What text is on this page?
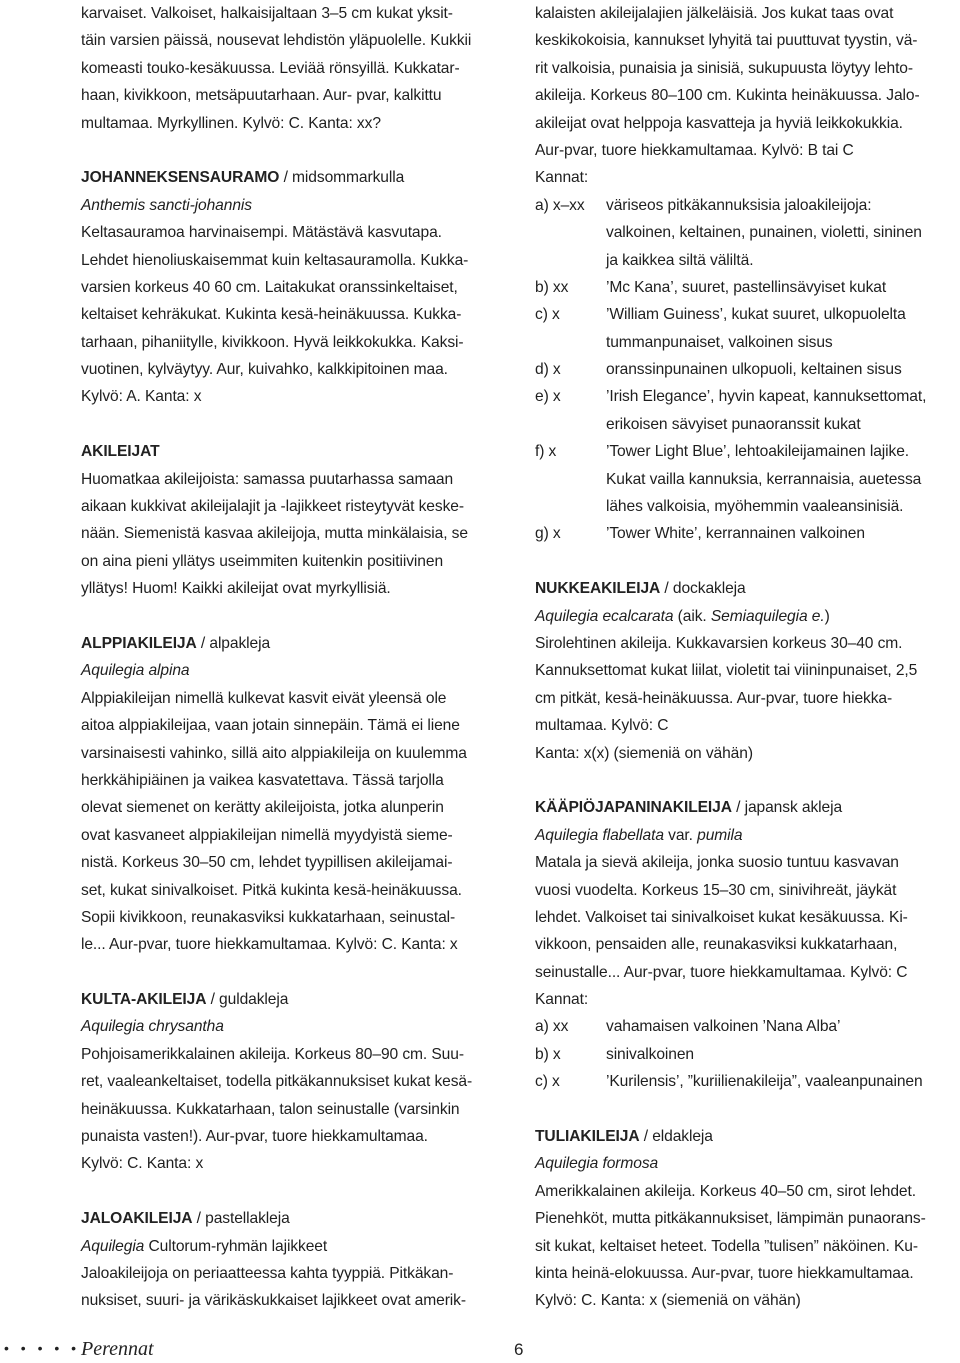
karvaiset. Valkoiset, halkaisijaltaan 3–5 cm kukat yksit-
täin varsien päissä, nousevat lehdistön yläpuolelle. Kukkii
komeasti touko-kesäkuussa. Leviää rönsyillä. Kukkatar-
haan, kivikkoon, metsäpuutarhaan. Aur- pvar, kalkittu
multamaa. Myrkyllinen. Kylvö: C. Kanta: xx?
JOHANNEKSENSAURAMO / midsommarkulla
Anthemis sancti-johannis
Keltasauramoa harvinaisempi. Mätästävä kasvutapa.
Lehdet hienoliuskaisemmat kuin keltasauramolla. Kukka-
varsien korkeus 40 60 cm. Laitakukat oranssinkeltaiset,
keltaiset kehräkukat. Kukinta kesä-heinäkuussa. Kukka-
tarhaan, pihaniitylle, kivikkoon. Hyvä leikkokukka. Kaksi-
vuotinen, kylväytyy. Aur, kuivahko, kalkkipitoinen maa.
Kylvö: A. Kanta: x
AKILEIJAT
Huomatkaa akileijoista: samassa puutarhassa samaan
aikaan kukkivat akileijalajit ja -lajikkeet risteytyvät keske-
nään. Siemenistä kasvaa akileijoja, mutta minkälaisia, se
on aina pieni yllätys useimmiten kuitenkin positiivinen
yllätys! Huom! Kaikki akileijat ovat myrkyllisiä.
ALPPIAKILEIJA / alpakleja
Aquilegia alpina
Alppiakileijan nimellä kulkevat kasvit eivät yleensä ole
aitoa alppiakileijaa, vaan jotain sinnepäin. Tämä ei liene
varsinaisesti vahinko, sillä aito alppiakileija on kuulemma
herkkähipiäinen ja vaikea kasvatettava. Tässä tarjolla
olevat siemenet on kerätty akileijoista, jotka alunperin
ovat kasvaneet alppiakileijan nimellä myydyistä sieme-
nistä. Korkeus 30–50 cm, lehdet tyypillisen akileijamai-
set, kukat sinivalkoiset. Pitkä kukinta kesä-heinäkuussa.
Sopii kivikkoon, reunakasviksi kukkatarhaan, seinustal-
le... Aur-pvar, tuore hiekkamultamaa. Kylvö: C. Kanta: x
KULTA-AKILEIJA / guldakleja
Aquilegia chrysantha
Pohjoisamerikkalainen akileija. Korkeus 80–90 cm. Suu-
ret, vaaleankeltaiset, todella pitkäkannuksiset kukat kesä-
heinäkuussa. Kukkatarhaan, talon seinustalle (varsinkin
punaista vasten!). Aur-pvar, tuore hiekkamultamaa.
Kylvö: C. Kanta: x
JALOAKILEIJA / pastellakleja
Aquilegia Cultorum-ryhmän lajikkeet
Jaloakileijoja on periaatteessa kahta tyyppiä. Pitkäkan-
nuksiset, suuri- ja värikäskukkaiset lajikkeet ovat amerik-
kalaisten akileijalajien jälkeläisiä. Jos kukat taas ovat
keskikokoisia, kannukset lyhyitä tai puuttuvat tyystin, vä-
rit valkoisia, punaisia ja sinisiä, sukupuusta löytyy lehto-
akileija. Korkeus 80–100 cm. Kukinta heinäkuussa. Jalo-
akileijat ovat helppoja kasvatteja ja hyviä leikkokukkia.
Aur-pvar, tuore hiekkamultamaa. Kylvö: B tai C
Kannat:
a) x–xx väriseos pitkäkannuksisia jaloakileijoja:
valkoinen, keltainen, punainen, violetti, sininen
ja kaikkea siltä väliltä.
b) xx ’Mc Kana’, suuret, pastellinsävyiset kukat
c) x	’William Guiness’, kukat suuret, ulkopuolelta
tummanpunaiset, valkoinen sisus
d) x	oranssinpunainen ulkopuoli, keltainen sisus
e) x	’Irish Elegance’, hyvin kapeat, kannuksettomat,
erikoisen sävyiset punaoranssit kukat
f) x	’Tower Light Blue’, lehtoakileijamainen lajike.
Kukat vailla kannuksia, kerrannaisia, auetessa
lähes valkoisia, myöhemmin vaaleansinisiä.
g) x	’Tower White’, kerrannainen valkoinen
NUKKEAKILEIJA / dockakleja
Aquilegia ecalcarata (aik. Semiaquilegia e.)
Sirolehtinen akileija. Kukkavarsien korkeus 30–40 cm.
Kannuksettomat kukat liilat, violetit tai viininpunaiset, 2,5
cm pitkät, kesä-heinäkuussa. Aur-pvar, tuore hiekka-
multamaa. Kylvö: C
Kanta: x(x) (siemeniä on vähän)
KÄÄPIÖJAPANINAKILEIJA / japansk akleja
Aquilegia flabellata var. pumila
Matala ja sievä akileija, jonka suosio tuntuu kasvavan
vuosi vuodelta. Korkeus 15–30 cm, sinivihreät, jäykät
lehdet. Valkoiset tai sinivalkoiset kukat kesäkuussa. Ki-
vikkoon, pensaiden alle, reunakasviksi kukkatarhaan,
seinustalle... Aur-pvar, tuore hiekkamultamaa. Kylvö: C
Kannat:
a) xx vahamaisen valkoinen ’Nana Alba’
b) x	sinivalkoinen
c) x	’Kurilensis’, ”kuriilienakileija”, vaaleanpunainen
TULIAKILEIJA / eldakleja
Aquilegia formosa
Amerikkalainen akileija. Korkeus 40–50 cm, sirot lehdet.
Pienehköt, mutta pitkäkannuksiset, lämpimän punaorans-
sit kukat, keltaiset heteet. Todella ”tulisen” näköinen. Ku-
kinta heinä-elokuussa. Aur-pvar, tuore hiekkamultamaa.
Kylvö: C. Kanta: x (siemeniä on vähän)
• • • • • Perennat	6
